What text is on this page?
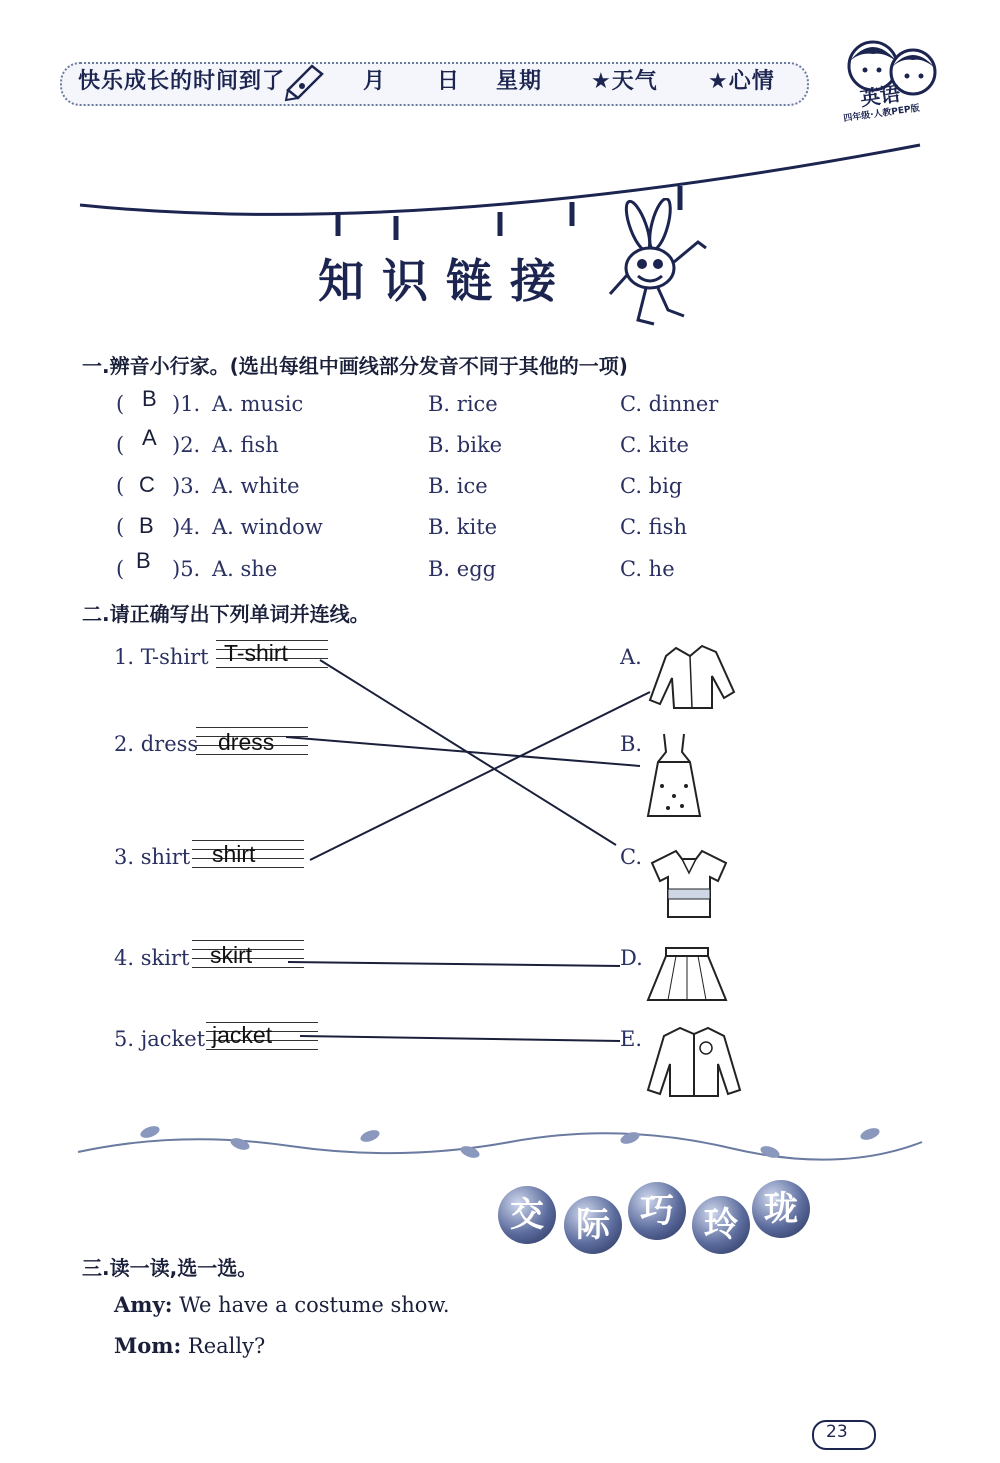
快乐成长的时间到了	月 日 星期 ★天气 ★心情	英语
四年级·人教PEP版
知识链接
一.辨音小行家。(选出每组中画线部分发音不同于其他的一项)
( B )1. A. music	B. rice	C. dinner
( A )2. A. fish	B. bike	C. kite
( C )3. A. white	B. ice	C. big
( B )4. A. window	B. kite	C. fish
( B )5. A. she	B. egg	C. he
二.请正确写出下列单词并连线。
1. T-shirt T-shirt
2. dress dress
3. shirt shirt
4. skirt skirt
5. jacket jacket
A.
B.
C.
D.
E.
交 际 巧 玲 珑
三.读一读,选一选。
Amy: We have a costume show.
Mom: Really?
23
